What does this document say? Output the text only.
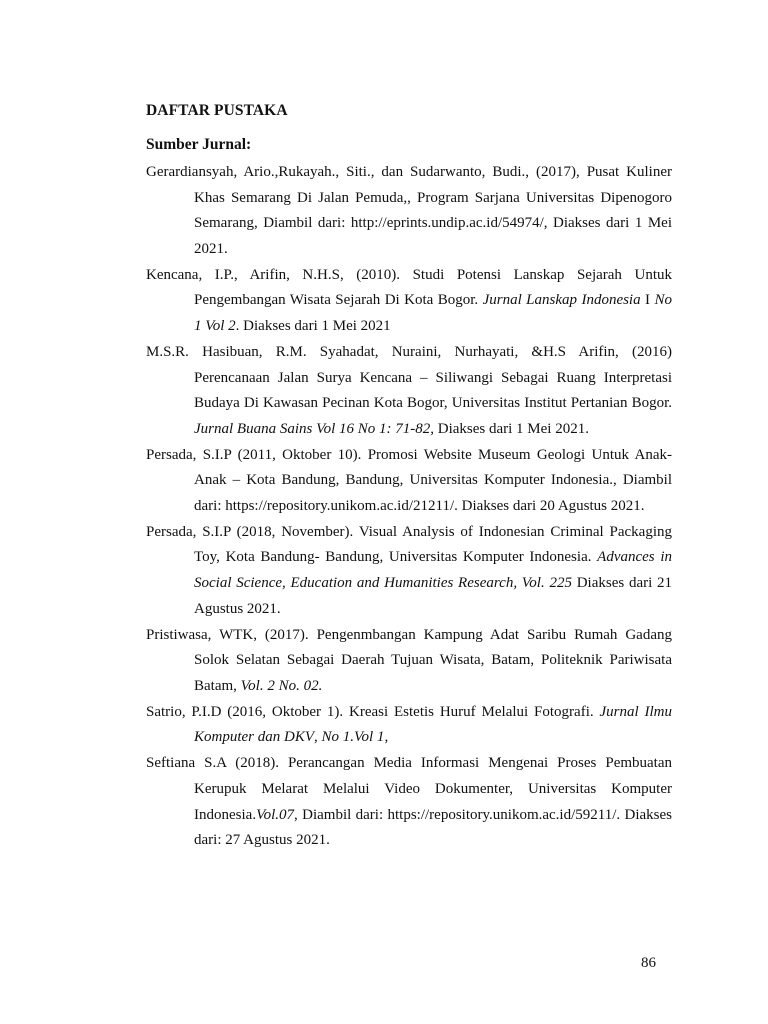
DAFTAR PUSTAKA
Sumber Jurnal:

Gerardiansyah, Ario.,Rukayah., Siti., dan Sudarwanto, Budi., (2017), Pusat Kuliner Khas Semarang Di Jalan Pemuda,, Program Sarjana Universitas Dipenogoro Semarang, Diambil dari: http://eprints.undip.ac.id/54974/, Diakses dari 1 Mei 2021.

Kencana, I.P., Arifin, N.H.S, (2010). Studi Potensi Lanskap Sejarah Untuk Pengembangan Wisata Sejarah Di Kota Bogor. Jurnal Lanskap Indonesia I No 1 Vol 2. Diakses dari 1 Mei 2021

M.S.R. Hasibuan, R.M. Syahadat, Nuraini, Nurhayati, &H.S Arifin, (2016) Perencanaan Jalan Surya Kencana – Siliwangi Sebagai Ruang Interpretasi Budaya Di Kawasan Pecinan Kota Bogor, Universitas Institut Pertanian Bogor. Jurnal Buana Sains Vol 16 No 1: 71-82, Diakses dari 1 Mei 2021.

Persada, S.I.P (2011, Oktober 10). Promosi Website Museum Geologi Untuk Anak-Anak – Kota Bandung, Bandung, Universitas Komputer Indonesia., Diambil dari: https://repository.unikom.ac.id/21211/. Diakses dari 20 Agustus 2021.

Persada, S.I.P (2018, November). Visual Analysis of Indonesian Criminal Packaging Toy, Kota Bandung- Bandung, Universitas Komputer Indonesia. Advances in Social Science, Education and Humanities Research, Vol. 225 Diakses dari 21 Agustus 2021.

Pristiwasa, WTK, (2017). Pengenmbangan Kampung Adat Saribu Rumah Gadang Solok Selatan Sebagai Daerah Tujuan Wisata, Batam, Politeknik Pariwisata Batam, Vol. 2 No. 02.

Satrio, P.I.D (2016, Oktober 1). Kreasi Estetis Huruf Melalui Fotografi. Jurnal Ilmu Komputer dan DKV, No 1.Vol 1,

Seftiana S.A (2018). Perancangan Media Informasi Mengenai Proses Pembuatan Kerupuk Melarat Melalui Video Dokumenter, Universitas Komputer Indonesia.Vol.07, Diambil dari: https://repository.unikom.ac.id/59211/. Diakses dari: 27 Agustus 2021.

86
